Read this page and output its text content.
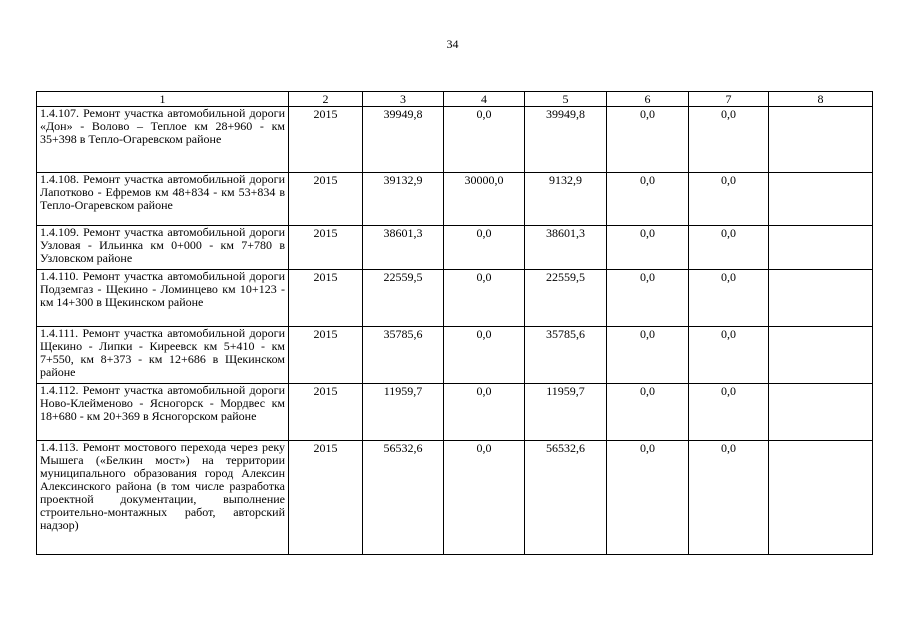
34
1	2	3	4	5	6	7	8
1.4.107. Ремонт участка автомобильной дороги «Дон» - Волово – Теплое км 28+960 - км 35+398 в Тепло-Огаревском районе	2015	39949,8	0,0	39949,8	0,0	0,0	
1.4.108. Ремонт участка автомобильной дороги Лапотково - Ефремов км 48+834 - км 53+834 в Тепло-Огаревском районе	2015	39132,9	30000,0	9132,9	0,0	0,0	
1.4.109. Ремонт участка автомобильной дороги Узловая - Ильинка км 0+000 - км 7+780 в Узловском районе	2015	38601,3	0,0	38601,3	0,0	0,0	
1.4.110. Ремонт участка автомобильной дороги Подземгаз - Щекино - Ломинцево км 10+123 - км 14+300 в Щекинском районе	2015	22559,5	0,0	22559,5	0,0	0,0	
1.4.111. Ремонт участка автомобильной дороги Щекино - Липки - Киреевск км 5+410 - км 7+550, км 8+373 - км 12+686 в Щекинском районе	2015	35785,6	0,0	35785,6	0,0	0,0	
1.4.112. Ремонт участка автомобильной дороги Ново-Клейменово - Ясногорск - Мордвес км 18+680 - км 20+369 в Ясногорском районе	2015	11959,7	0,0	11959,7	0,0	0,0	
1.4.113. Ремонт мостового перехода через реку Мышега («Белкин мост») на территории муниципального образования город Алексин Алексинского района (в том числе разработка проектной документации, выполнение строительно-монтажных работ, авторский надзор)	2015	56532,6	0,0	56532,6	0,0	0,0	
